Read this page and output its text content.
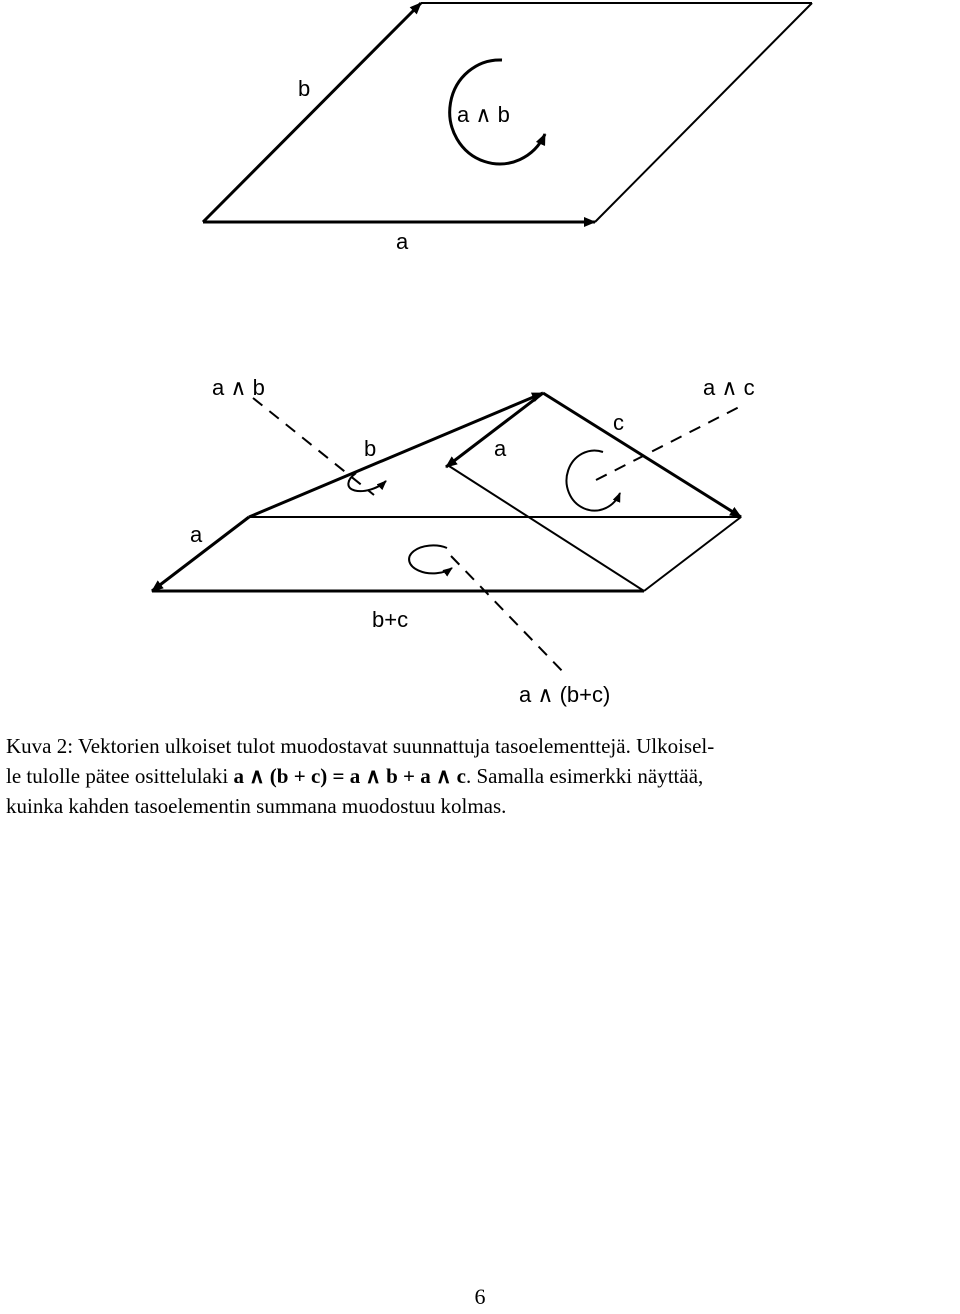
b
a ∧ b
a
a ∧ b	a ∧ c
b	a
c
a
b+c
a ∧ (b+c)
Kuva 2: Vektorien ulkoiset tulot muodostavat suunnattuja tasoelementtejä. Ulkoisel-
le tulolle pätee osittelulaki a ∧ (b + c) = a ∧ b + a ∧ c. Samalla esimerkki näyttää,
kuinka kahden tasoelementin summana muodostuu kolmas.
6
